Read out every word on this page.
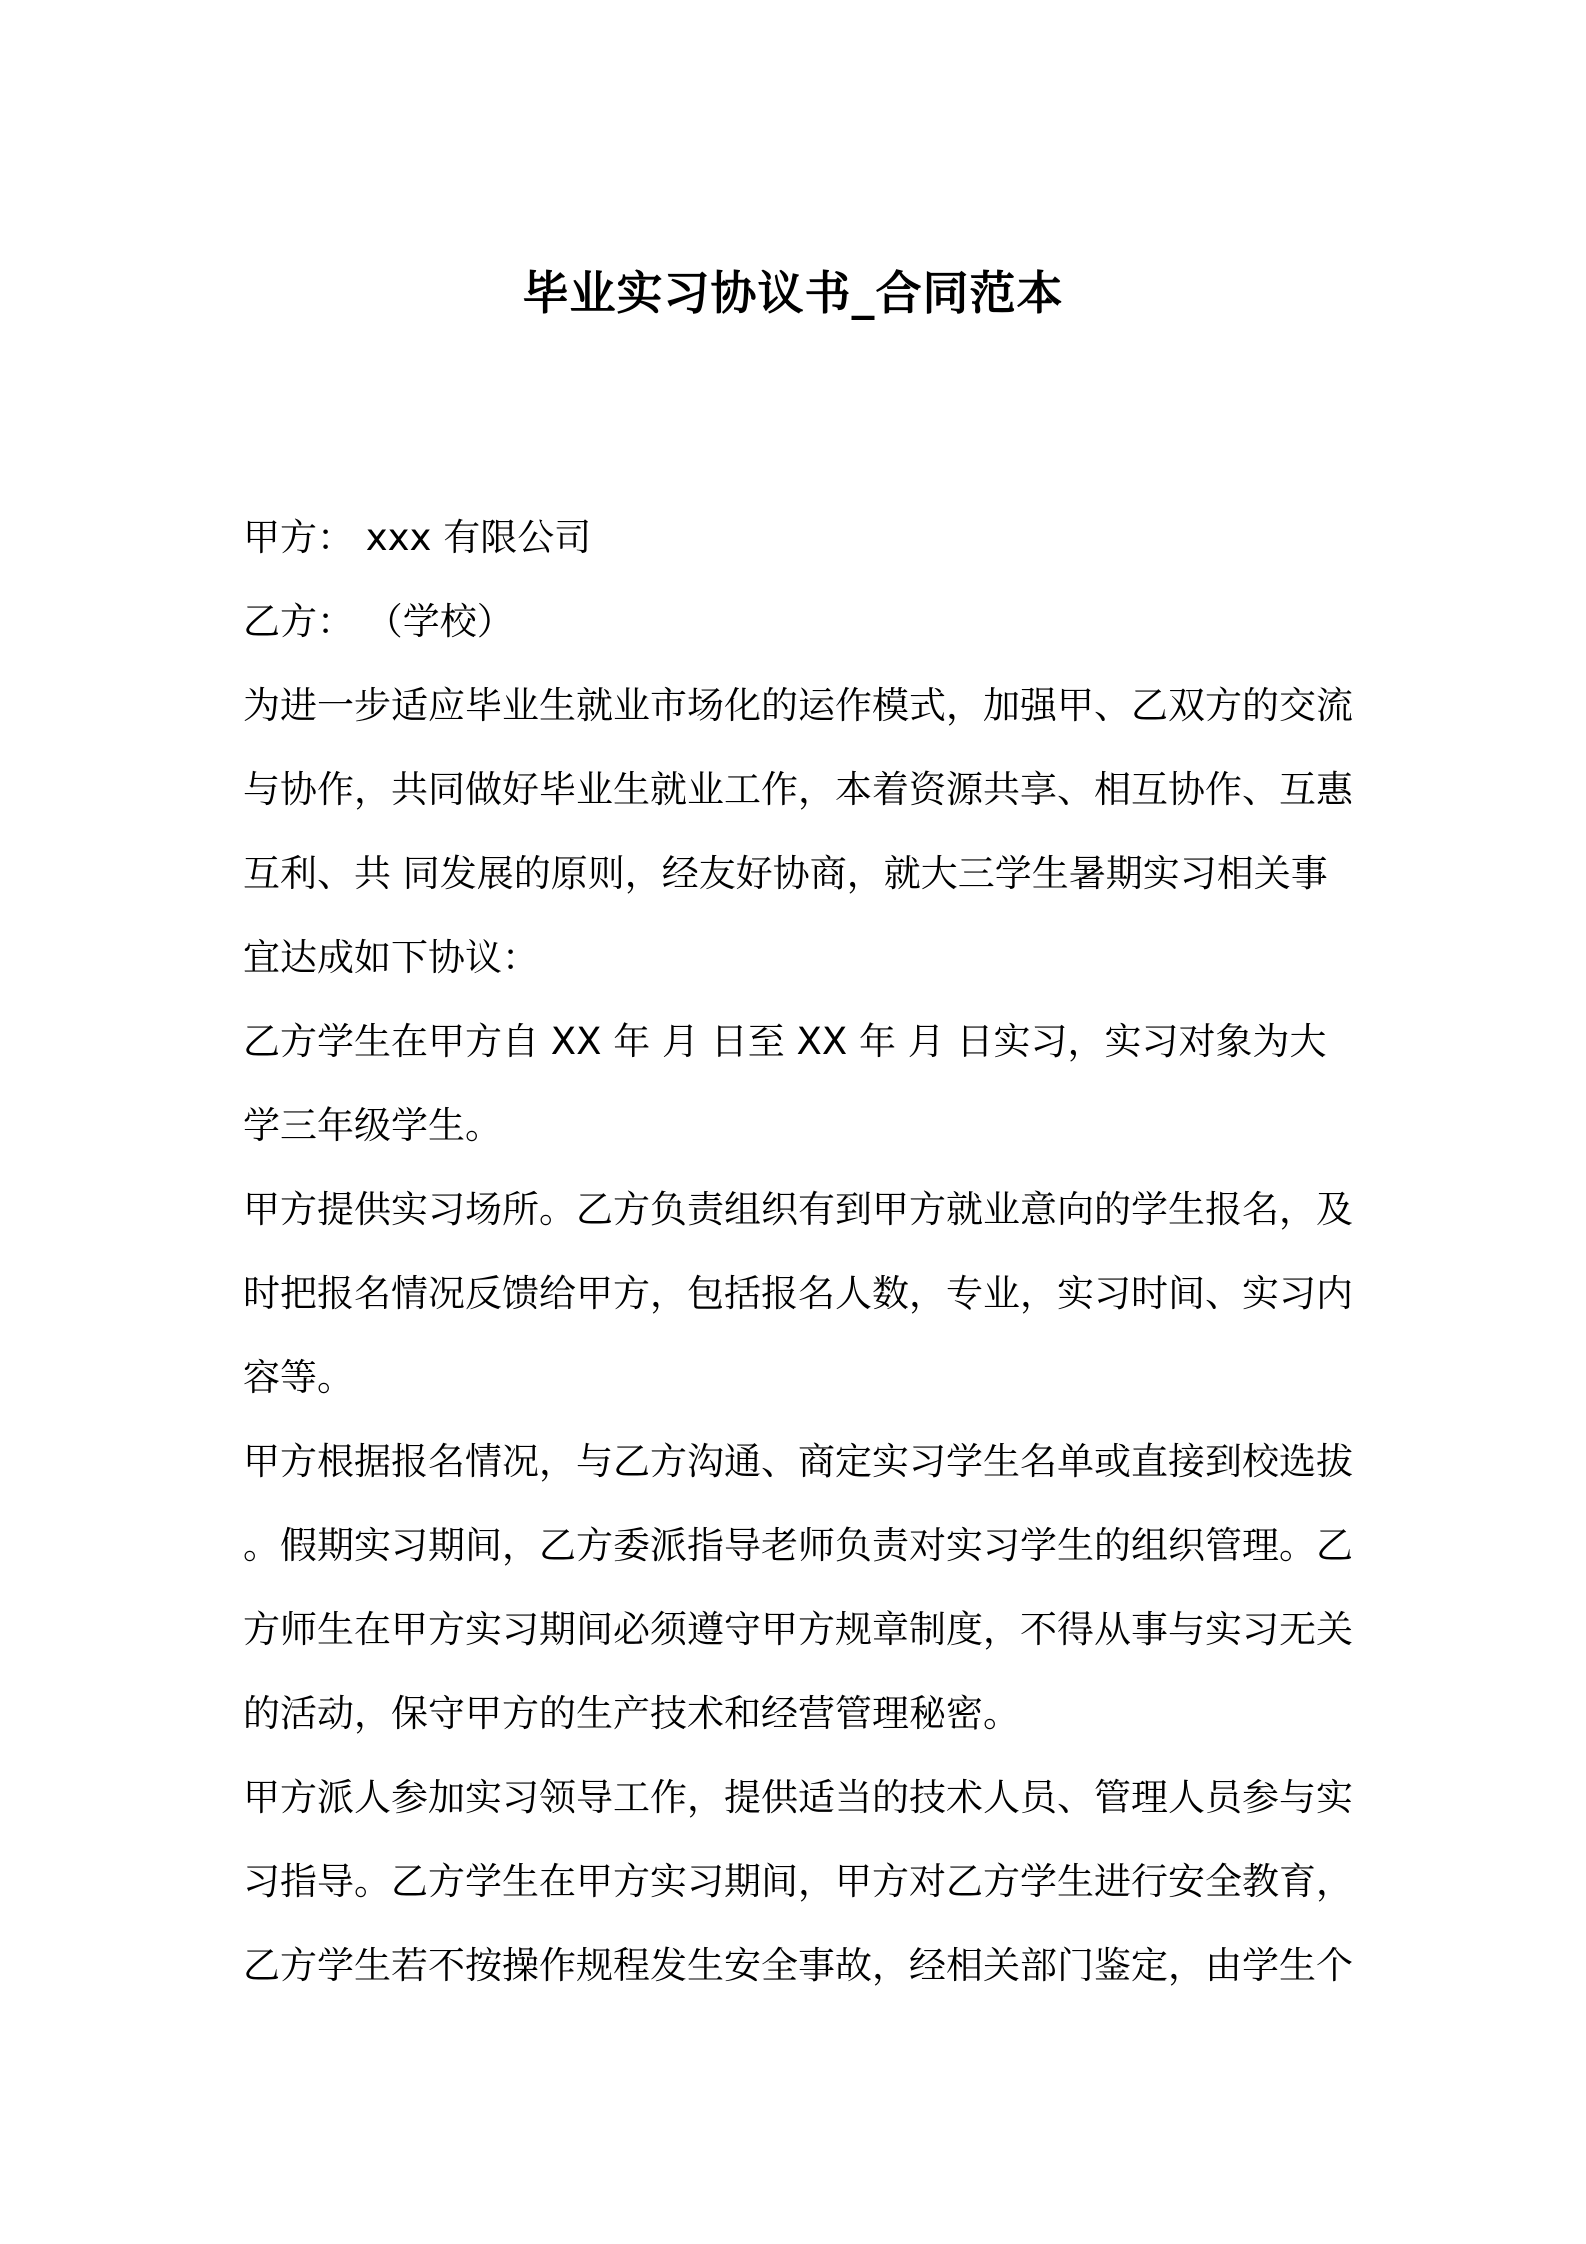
毕业实习协议书_合同范本
甲方： xxx 有限公司
乙方： （学校）
为进一步适应毕业生就业市场化的运作模式，加强甲、乙双方的交流
与协作，共同做好毕业生就业工作，本着资源共享、相互协作、互惠
互利、共 同发展的原则，经友好协商，就大三学生暑期实习相关事
宜达成如下协议：
乙方学生在甲方自 XX 年 月 日至 XX 年 月 日实习，实习对象为大
学三年级学生。
甲方提供实习场所。乙方负责组织有到甲方就业意向的学生报名，及
时把报名情况反馈给甲方，包括报名人数，专业，实习时间、实习内
容等。
甲方根据报名情况，与乙方沟通、商定实习学生名单或直接到校选拔
。假期实习期间，乙方委派指导老师负责对实习学生的组织管理。乙
方师生在甲方实习期间必须遵守甲方规章制度，不得从事与实习无关
的活动，保守甲方的生产技术和经营管理秘密。
甲方派人参加实习领导工作，提供适当的技术人员、管理人员参与实
习指导。乙方学生在甲方实习期间，甲方对乙方学生进行安全教育，
乙方学生若不按操作规程发生安全事故，经相关部门鉴定，由学生个
